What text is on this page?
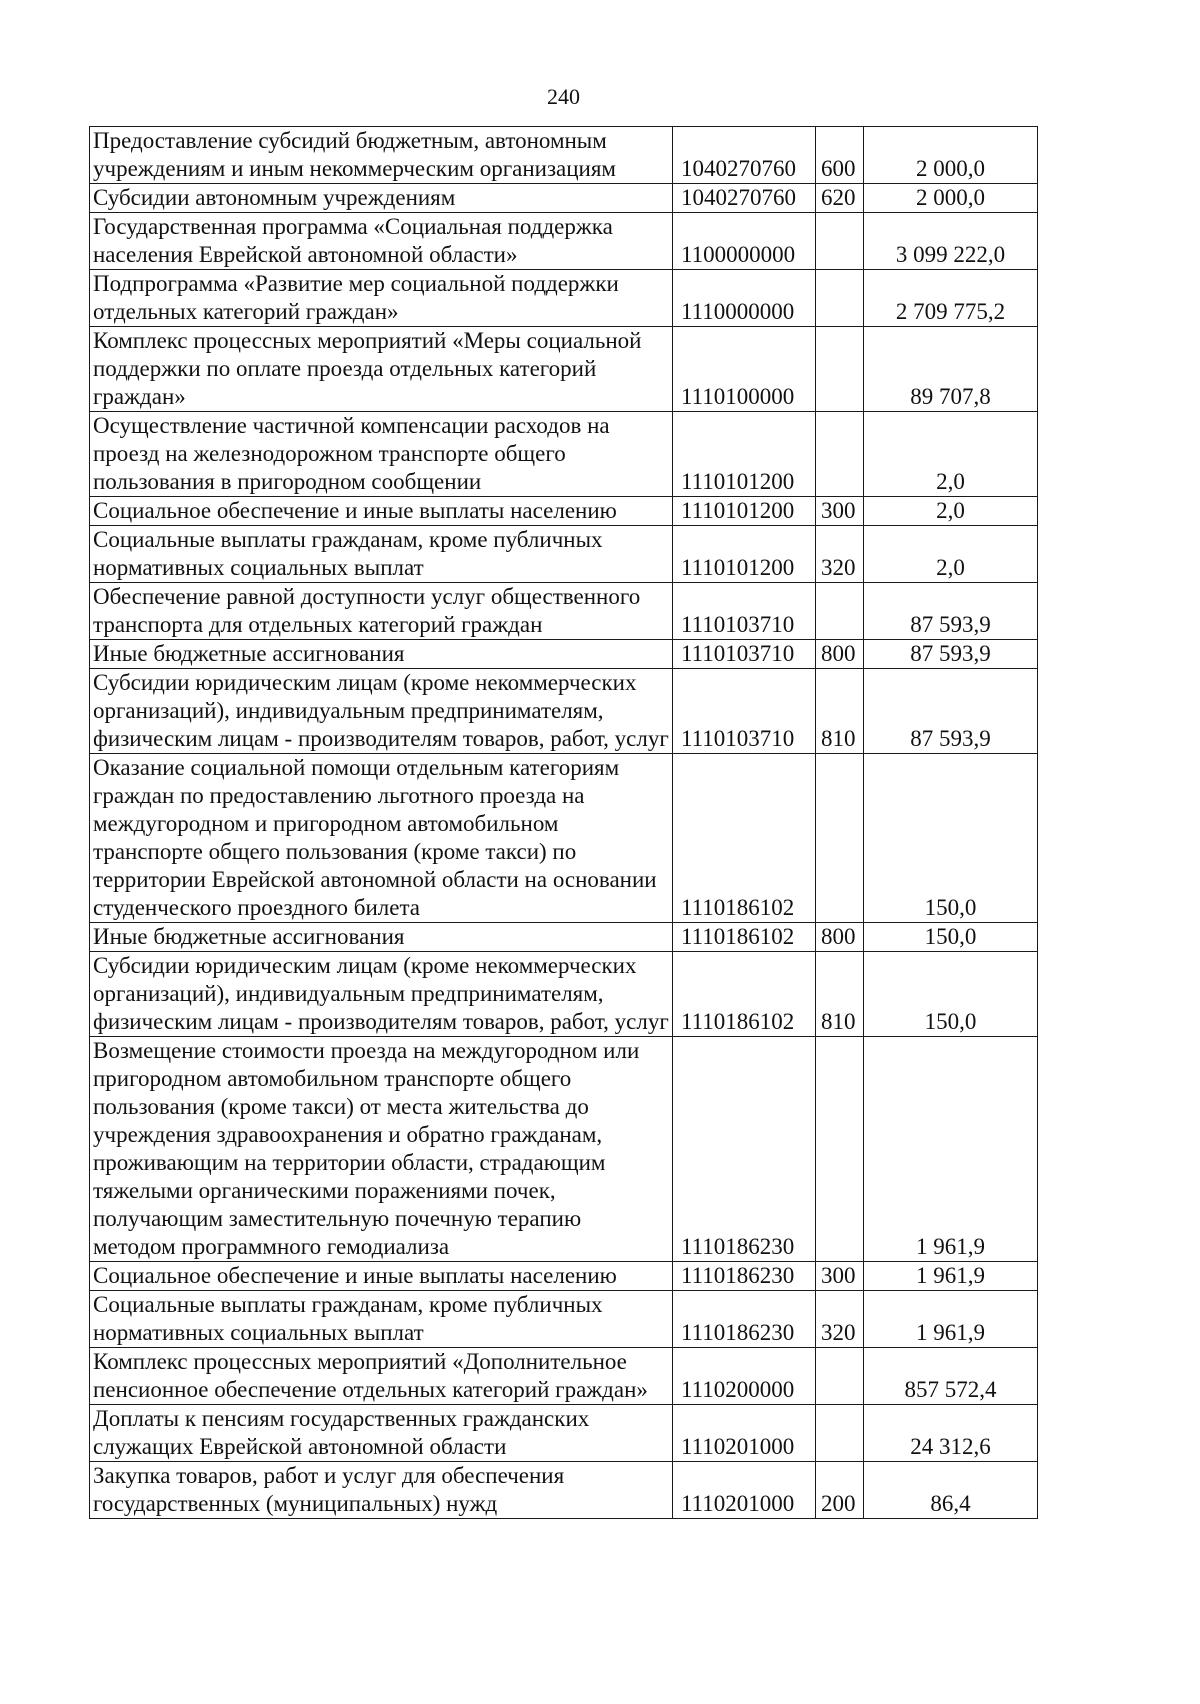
240
Предоставление субсидий бюджетным, автономным учреждениям и иным некоммерческим организациям	1040270760	600	2 000,0
Субсидии автономным учреждениям	1040270760	620	2 000,0
Государственная программа «Социальная поддержка населения Еврейской автономной области»	1100000000		3 099 222,0
Подпрограмма «Развитие мер социальной поддержки отдельных категорий граждан»	1110000000		2 709 775,2
Комплекс процессных мероприятий «Меры социальной поддержки по оплате проезда отдельных категорий граждан»	1110100000		89 707,8
Осуществление частичной компенсации расходов на проезд на железнодорожном транспорте общего пользования в пригородном сообщении	1110101200		2,0
Социальное обеспечение и иные выплаты населению	1110101200	300	2,0
Социальные выплаты гражданам, кроме публичных нормативных социальных выплат	1110101200	320	2,0
Обеспечение равной доступности услуг общественного транспорта для отдельных категорий граждан	1110103710		87 593,9
Иные бюджетные ассигнования	1110103710	800	87 593,9
Субсидии юридическим лицам (кроме некоммерческих организаций), индивидуальным предпринимателям, физическим лицам - производителям товаров, работ, услуг	1110103710	810	87 593,9
Оказание социальной помощи отдельным категориям граждан по предоставлению льготного проезда на междугородном и пригородном автомобильном транспорте общего пользования (кроме такси) по территории Еврейской автономной области на основании студенческого проездного билета	1110186102		150,0
Иные бюджетные ассигнования	1110186102	800	150,0
Субсидии юридическим лицам (кроме некоммерческих организаций), индивидуальным предпринимателям, физическим лицам - производителям товаров, работ, услуг	1110186102	810	150,0
Возмещение стоимости проезда на междугородном или пригородном автомобильном транспорте общего пользования (кроме такси) от места жительства до учреждения здравоохранения и обратно гражданам, проживающим на территории области, страдающим тяжелыми органическими поражениями почек, получающим заместительную почечную терапию методом программного гемодиализа	1110186230		1 961,9
Социальное обеспечение и иные выплаты населению	1110186230	300	1 961,9
Социальные выплаты гражданам, кроме публичных нормативных социальных выплат	1110186230	320	1 961,9
Комплекс процессных мероприятий «Дополнительное пенсионное обеспечение отдельных категорий граждан»	1110200000		857 572,4
Доплаты к пенсиям государственных гражданских служащих Еврейской автономной области	1110201000		24 312,6
Закупка товаров, работ и услуг для обеспечения государственных (муниципальных) нужд	1110201000	200	86,4
